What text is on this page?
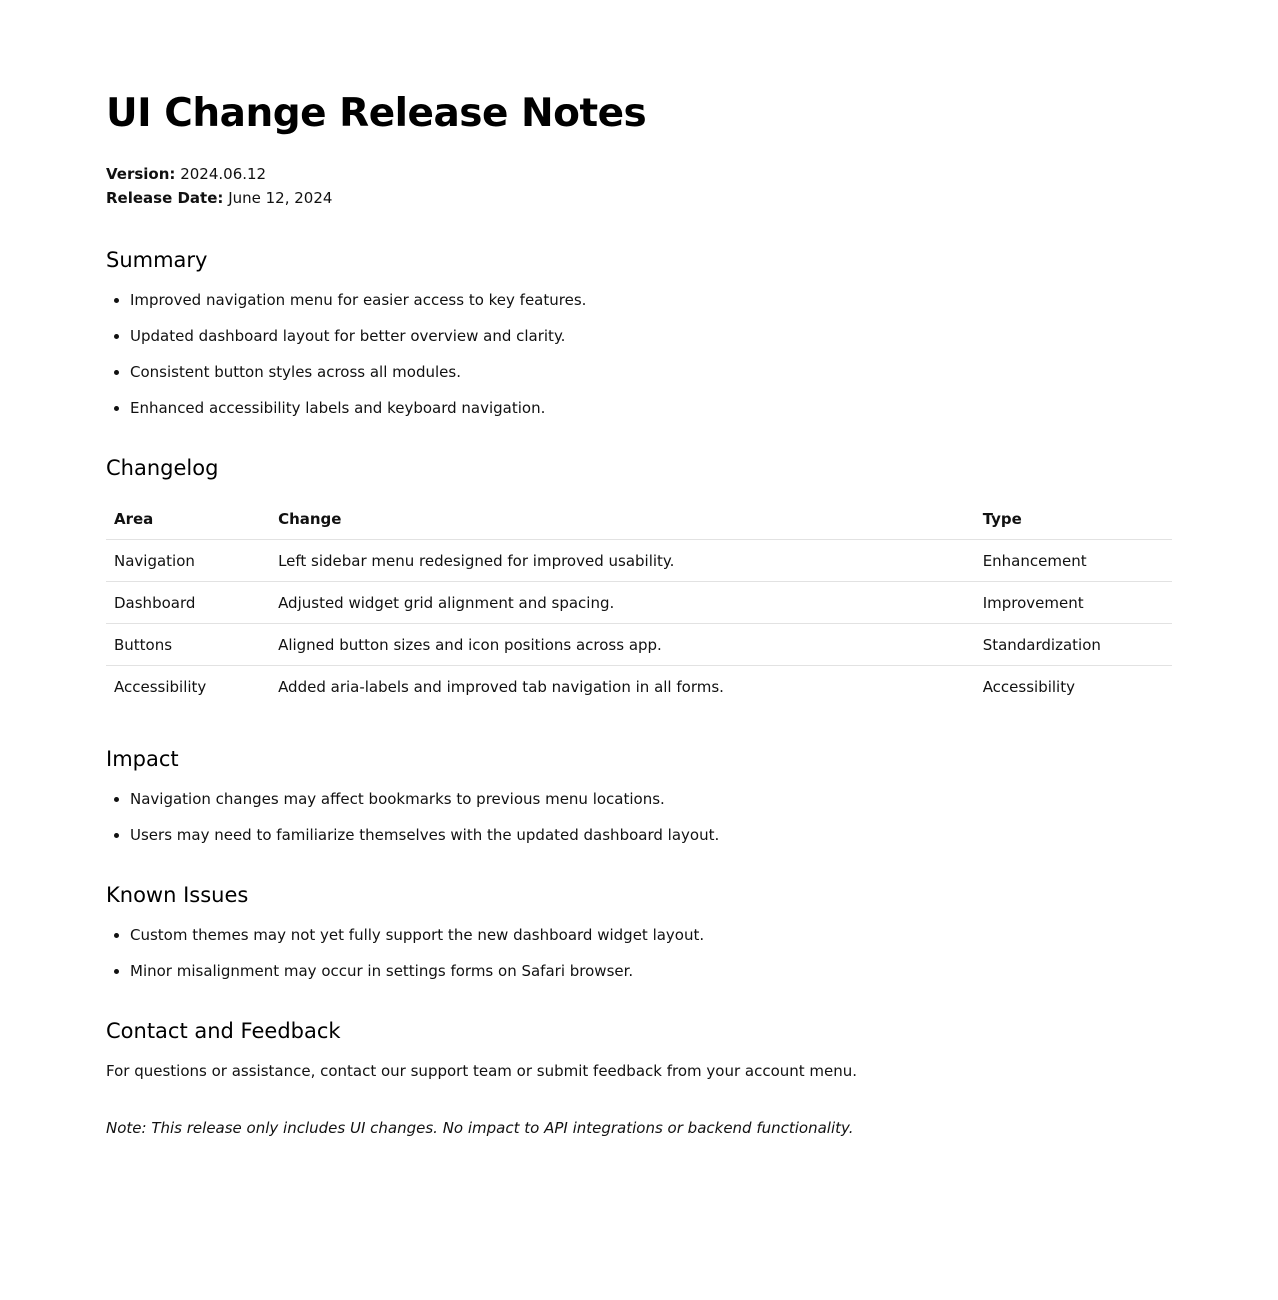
UI Change Release Notes
Version: 2024.06.12
Release Date: June 12, 2024
Summary
• Improved navigation menu for easier access to key features.
• Updated dashboard layout for better overview and clarity.
• Consistent button styles across all modules.
• Enhanced accessibility labels and keyboard navigation.
Changelog
Area	Change	Type
Navigation	Left sidebar menu redesigned for improved usability.	Enhancement
Dashboard	Adjusted widget grid alignment and spacing.	Improvement
Buttons	Aligned button sizes and icon positions across app.	Standardization
Accessibility	Added aria-labels and improved tab navigation in all forms.	Accessibility
Impact
• Navigation changes may affect bookmarks to previous menu locations.
• Users may need to familiarize themselves with the updated dashboard layout.
Known Issues
• Custom themes may not yet fully support the new dashboard widget layout.
• Minor misalignment may occur in settings forms on Safari browser.
Contact and Feedback

For questions or assistance, contact our support team or submit feedback from your account menu.

Note: This release only includes UI changes. No impact to API integrations or backend functionality.
